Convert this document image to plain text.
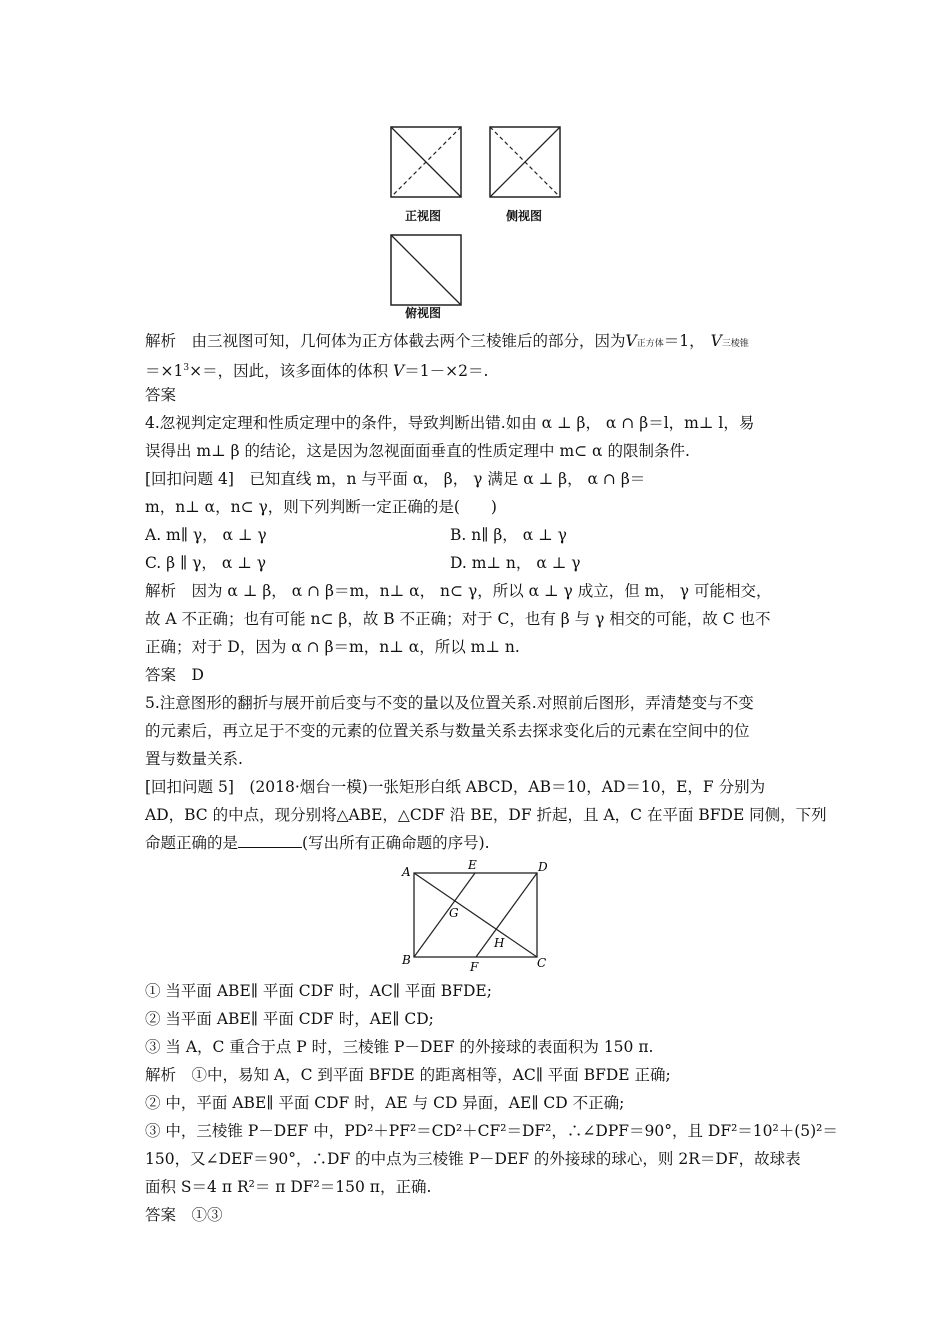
正视图	侧视图
俯视图
解析　由三视图可知，几何体为正方体截去两个三棱锥后的部分，因为V正方体＝1， V三棱锥
$=\times 1^3\times=$，因此，该多面体的体积 V＝1－×2＝.
答案
4.忽视判定定理和性质定理中的条件，导致判断出错.如由 α ⊥ β， α ∩ β＝l，m⊥ l，易
误得出 m⊥ β 的结论，这是因为忽视面面垂直的性质定理中 m⊂ α 的限制条件.
[回扣问题 4]　已知直线 m，n 与平面 α， β， γ 满足 α ⊥ β， α ∩ β＝
m，n⊥ α，n⊂ γ，则下列判断一定正确的是(　　)
A. m∥ γ， α ⊥ γ	B. n∥ β， α ⊥ γ
C. β ∥ γ， α ⊥ γ	D. m⊥ n， α ⊥ γ
解析　因为 α ⊥ β， α ∩ β＝m，n⊥ α， n⊂ γ，所以 α ⊥ γ 成立，但 m， γ 可能相交，
故 A 不正确；也有可能 n⊂ β，故 B 不正确；对于 C，也有 β 与 γ 相交的可能，故 C 也不
正确；对于 D，因为 α ∩ β＝m，n⊥ α，所以 m⊥ n.
答案　D
5.注意图形的翻折与展开前后变与不变的量以及位置关系.对照前后图形，弄清楚变与不变
的元素后，再立足于不变的元素的位置关系与数量关系去探求变化后的元素在空间中的位
置与数量关系.
[回扣问题 5]　(2018·烟台一模)一张矩形白纸 ABCD，AB＝10，AD＝10，E，F 分别为
AD，BC 的中点，现分别将△ABE，△CDF 沿 BE，DF 折起，且 A，C 在平面 BFDE 同侧，下列
命题正确的是	(写出所有正确命题的序号).
A	E	D
G
H
B	F	C
① 当平面 ABE∥ 平面 CDF 时，AC∥ 平面 BFDE;
② 当平面 ABE∥ 平面 CDF 时，AE∥ CD;
③ 当 A，C 重合于点 P 时，三棱锥 P－DEF 的外接球的表面积为 150 π.
解析　①中，易知 A，C 到平面 BFDE 的距离相等，AC∥ 平面 BFDE 正确;
② 中，平面 ABE∥ 平面 CDF 时，AE 与 CD 异面，AE∥ CD 不正确;
③ 中，三棱锥 P－DEF 中，PD²＋PF²＝CD²＋CF²＝DF²，∴∠DPF＝90°，且 DF²＝10²＋(5)²＝
150，又∠DEF＝90°，∴DF 的中点为三棱锥 P－DEF 的外接球的球心，则 2R＝DF，故球表
面积 S＝4 π R²＝ π DF²＝150 π，正确.
答案　①③
